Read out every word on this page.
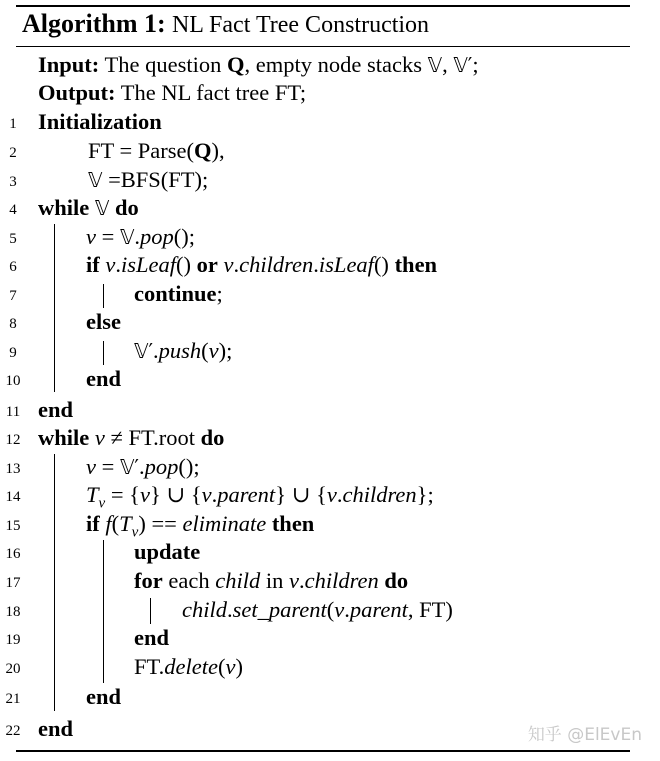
Algorithm 1: NL Fact Tree Construction
Input: The question Q, empty node stacks 𝕍, 𝕍′;
Output: The NL fact tree FT;
1
2
3
4
5
6
7
8
9
10
11
12
13
14
15
16
17
18
19
20
21
22
Initialization
FT = Parse(Q),
𝕍 =BFS(FT);
while 𝕍 do
v = 𝕍.pop();
if v.isLeaf() or v.children.isLeaf() then
continue;
else
𝕍′.push(v);
end
end
while v ≠ FT.root do
v = 𝕍′.pop();
$T_v = \{v\}$ ∪ {v.parent} ∪ {v.children};
if $f(T_v)$ == eliminate then
update
for each child in v.children do
child.set_parent(v.parent, FT)
end
FT.delete(v)
end
end	知乎 @ElEvEn
